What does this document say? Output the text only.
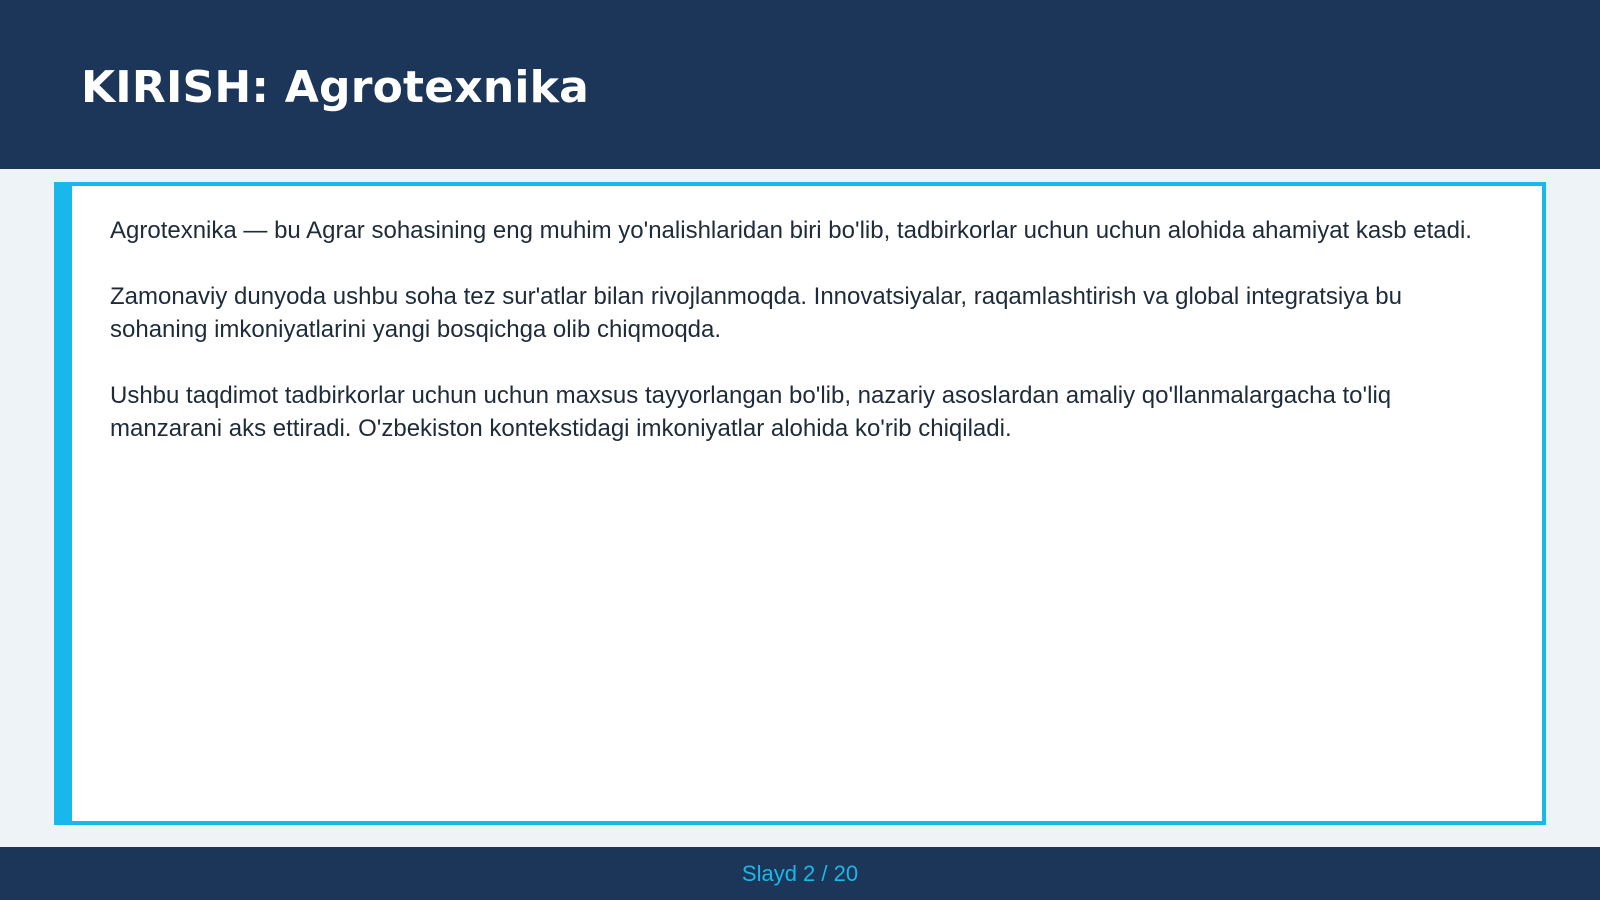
KIRISH: Agrotexnika

Agrotexnika — bu Agrar sohasining eng muhim yo'nalishlaridan biri bo'lib, tadbirkorlar uchun uchun alohida ahamiyat kasb etadi.

Zamonaviy dunyoda ushbu soha tez sur'atlar bilan rivojlanmoqda. Innovatsiyalar, raqamlashtirish va global integratsiya bu sohaning imkoniyatlarini yangi bosqichga olib chiqmoqda.

Ushbu taqdimot tadbirkorlar uchun uchun maxsus tayyorlangan bo'lib, nazariy asoslardan amaliy qo'llanmalargacha to'liq manzarani aks ettiradi. O'zbekiston kontekstidagi imkoniyatlar alohida ko'rib chiqiladi.

Slayd 2 / 20
